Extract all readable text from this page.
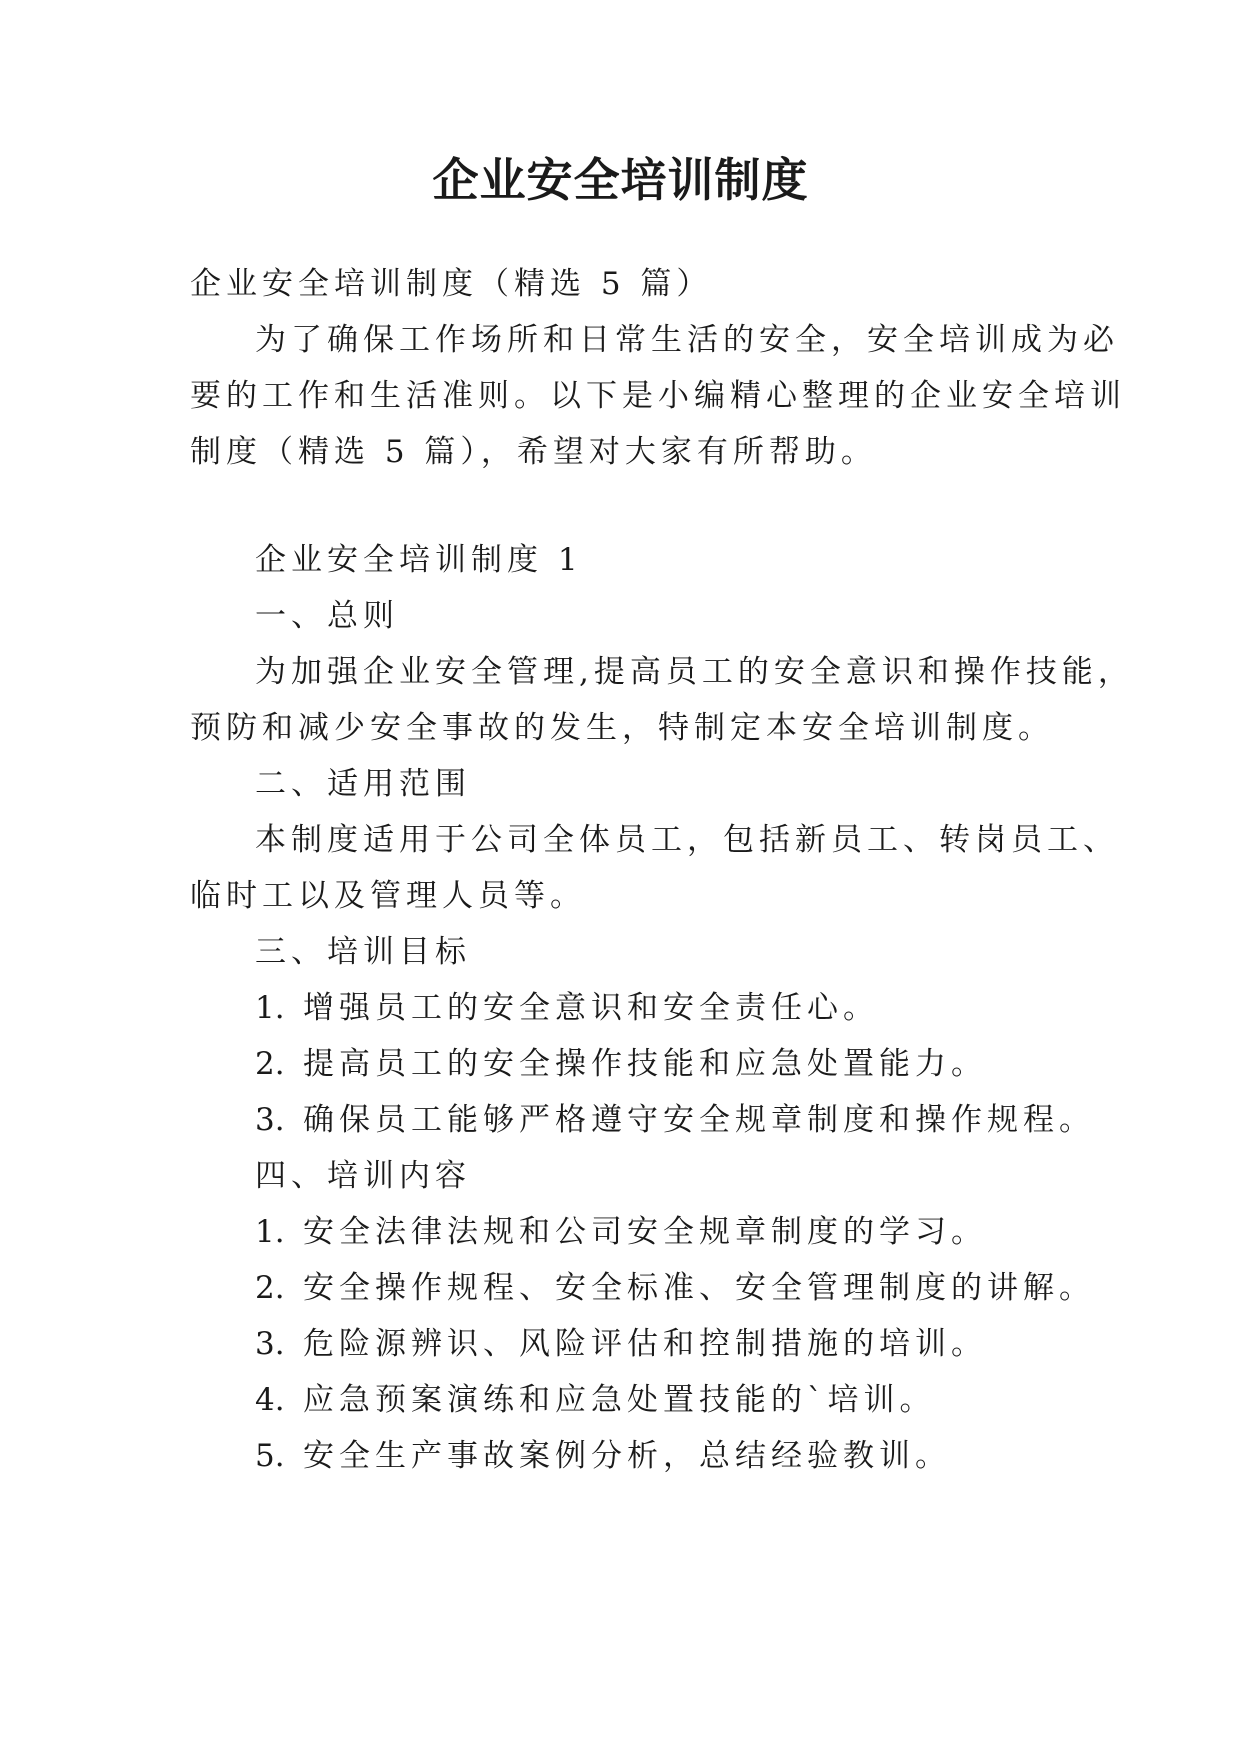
企业安全培训制度
企业安全培训制度（精选 5 篇）
为了确保工作场所和日常生活的安全，安全培训成为必
要的工作和生活准则。以下是小编精心整理的企业安全培训
制度（精选 5 篇），希望对大家有所帮助。
企业安全培训制度 1
一、总则
为加强企业安全管理,提高员工的安全意识和操作技能，
预防和减少安全事故的发生，特制定本安全培训制度。
二、适用范围
本制度适用于公司全体员工，包括新员工、转岗员工、
临时工以及管理人员等。
三、培训目标
1. 增强员工的安全意识和安全责任心。
2. 提高员工的安全操作技能和应急处置能力。
3. 确保员工能够严格遵守安全规章制度和操作规程。
四、培训内容
1. 安全法律法规和公司安全规章制度的学习。
2. 安全操作规程、安全标准、安全管理制度的讲解。
3. 危险源辨识、风险评估和控制措施的培训。
4. 应急预案演练和应急处置技能的`培训。
5. 安全生产事故案例分析，总结经验教训。
